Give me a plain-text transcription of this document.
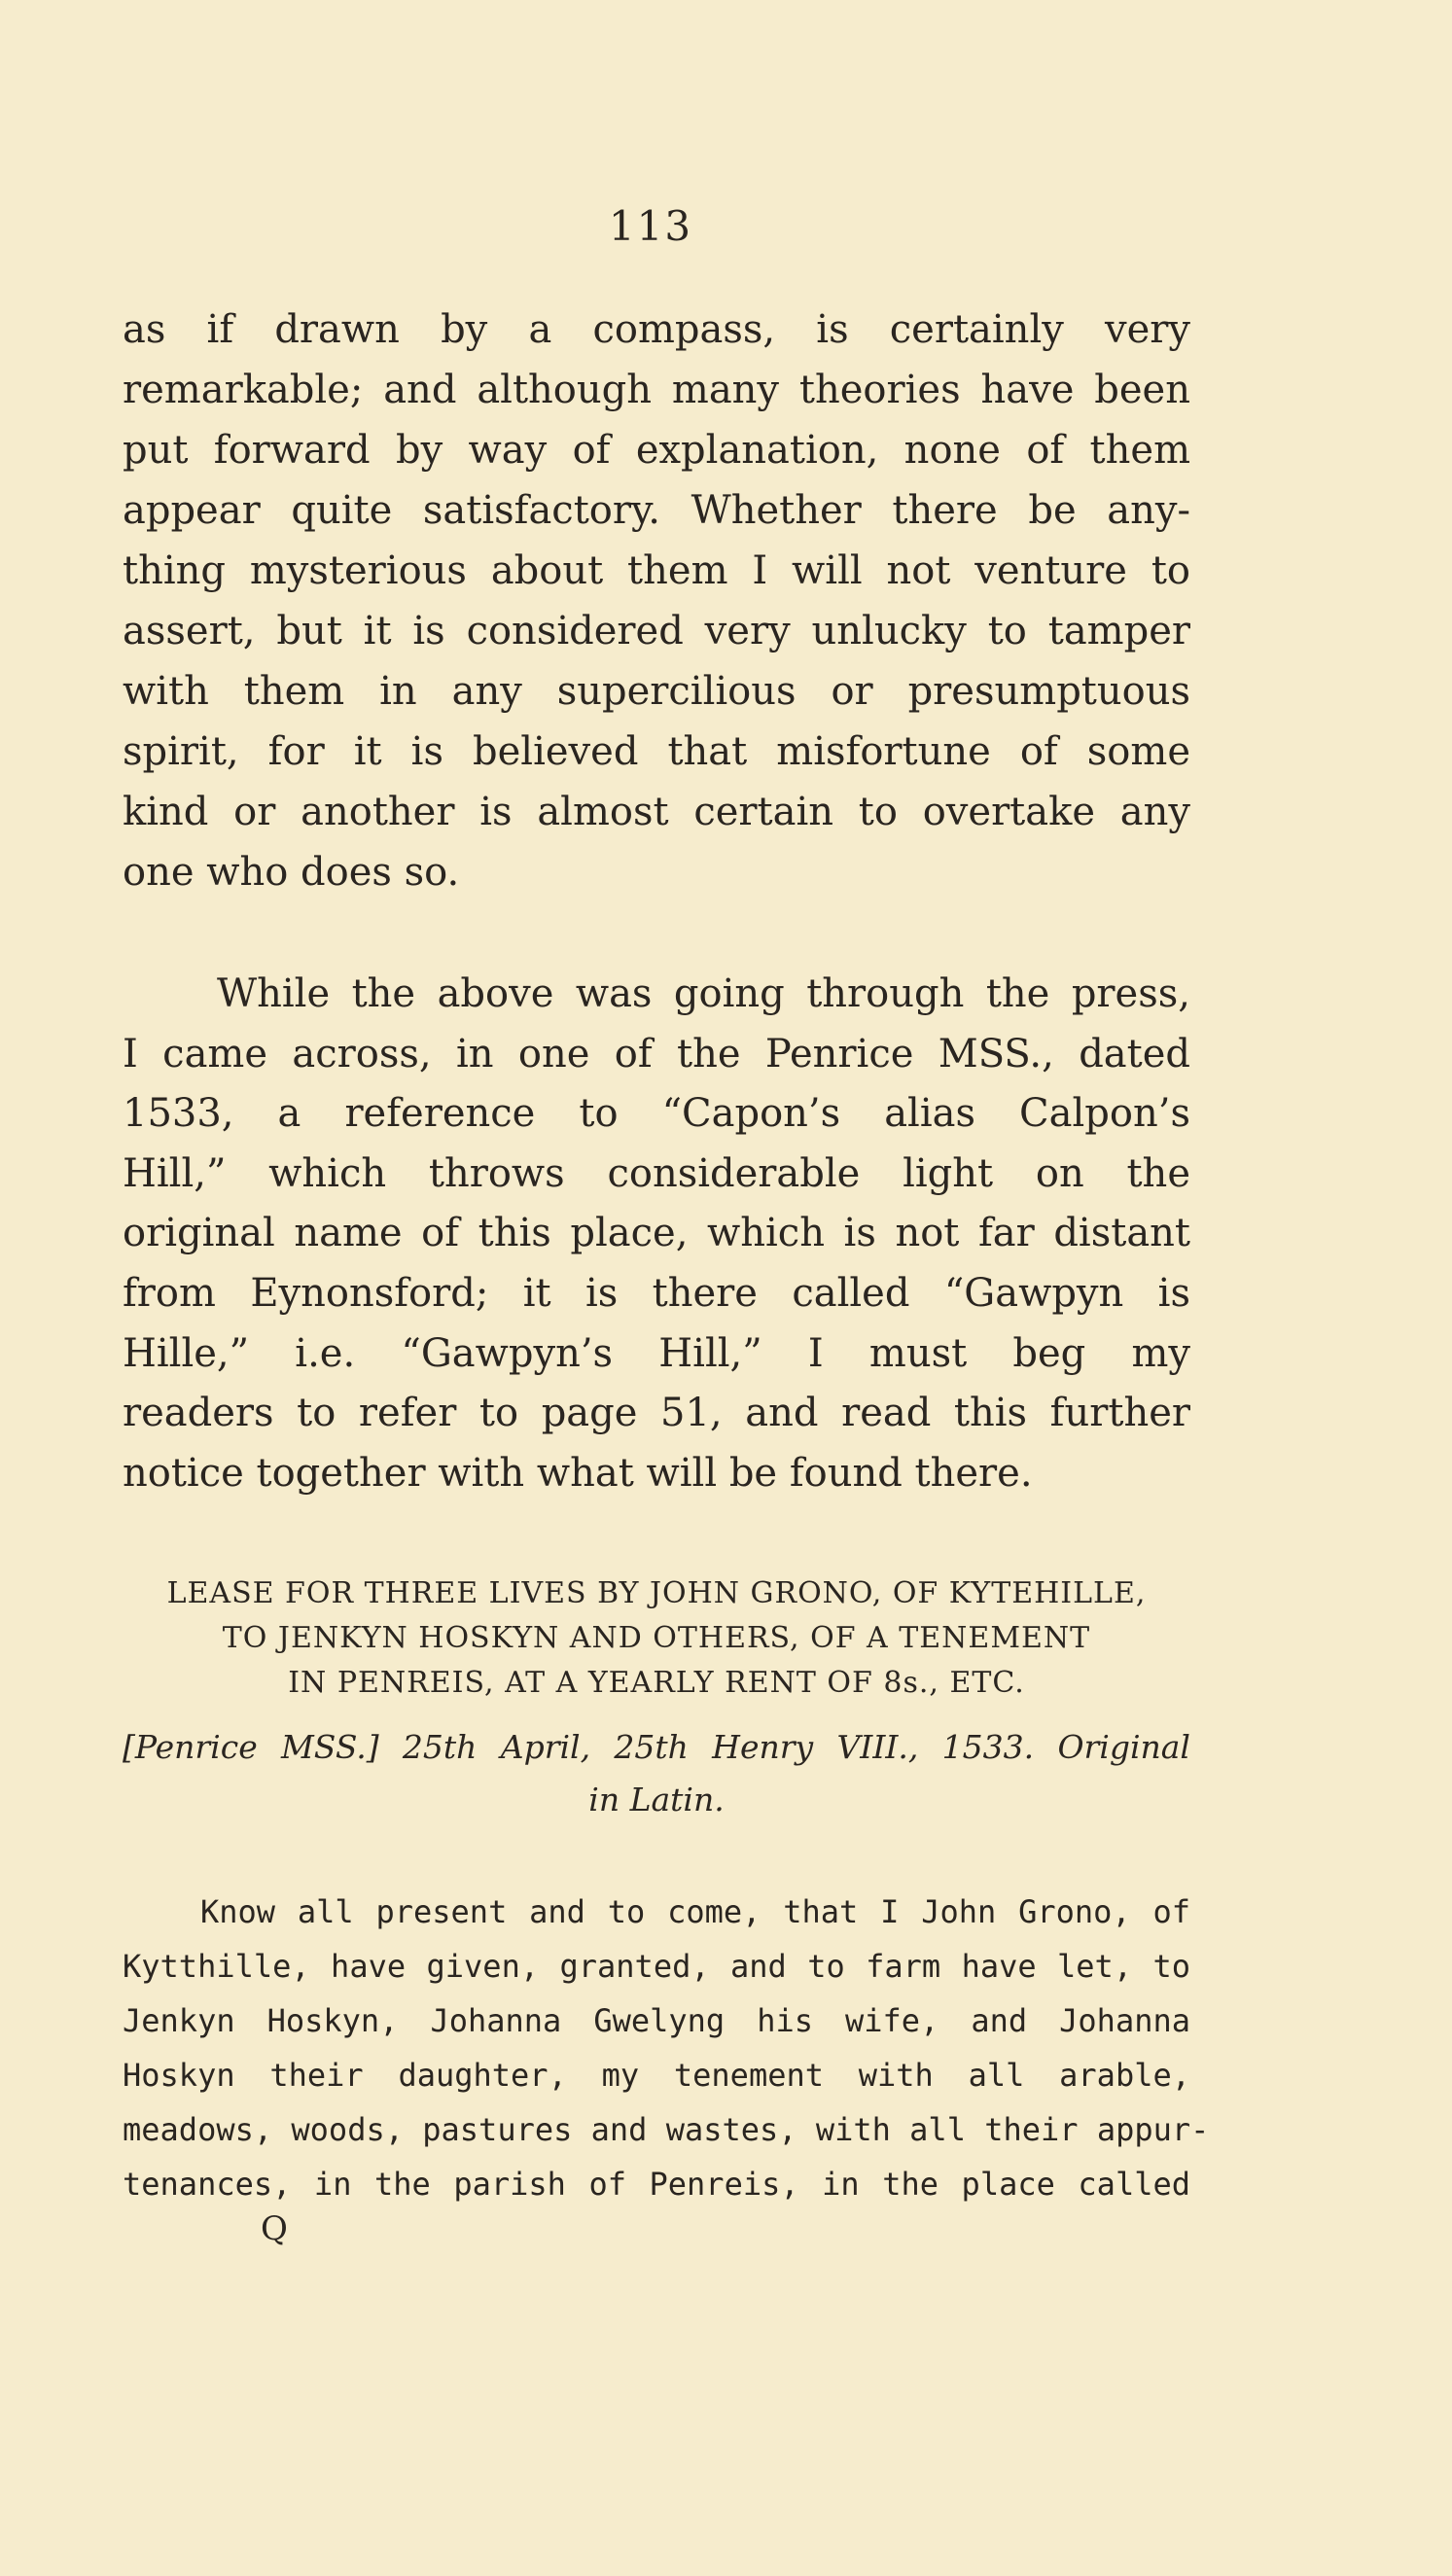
113
as if drawn by a compass, is certainly very
remarkable; and although many theories have been
put forward by way of explanation, none of them
appear quite satisfactory. Whether there be any-
thing mysterious about them I will not venture to
assert, but it is considered very unlucky to tamper
with them in any supercilious or presumptuous
spirit, for it is believed that misfortune of some
kind or another is almost certain to overtake any
one who does so.
While the above was going through the press,
I came across, in one of the Penrice MSS., dated
1533, a reference to “Capon’s alias Calpon’s
Hill,” which throws considerable light on the
original name of this place, which is not far distant
from Eynonsford; it is there called “Gawpyn is
Hille,” i.e. “Gawpyn’s Hill,” I must beg my
readers to refer to page 51, and read this further
notice together with what will be found there.
LEASE FOR THREE LIVES BY JOHN GRONO, OF KYTEHILLE,
TO JENKYN HOSKYN AND OTHERS, OF A TENEMENT
IN PENREIS, AT A YEARLY RENT OF 8s., ETC.
[Penrice MSS.] 25th April, 25th Henry VIII., 1533. Original
in Latin.
Know all present and to come, that I John Grono, of
Kytthille, have given, granted, and to farm have let, to
Jenkyn Hoskyn, Johanna Gwelyng his wife, and Johanna
Hoskyn their daughter, my tenement with all arable,
meadows, woods, pastures and wastes, with all their appur-
tenances, in the parish of Penreis, in the place called
Q
